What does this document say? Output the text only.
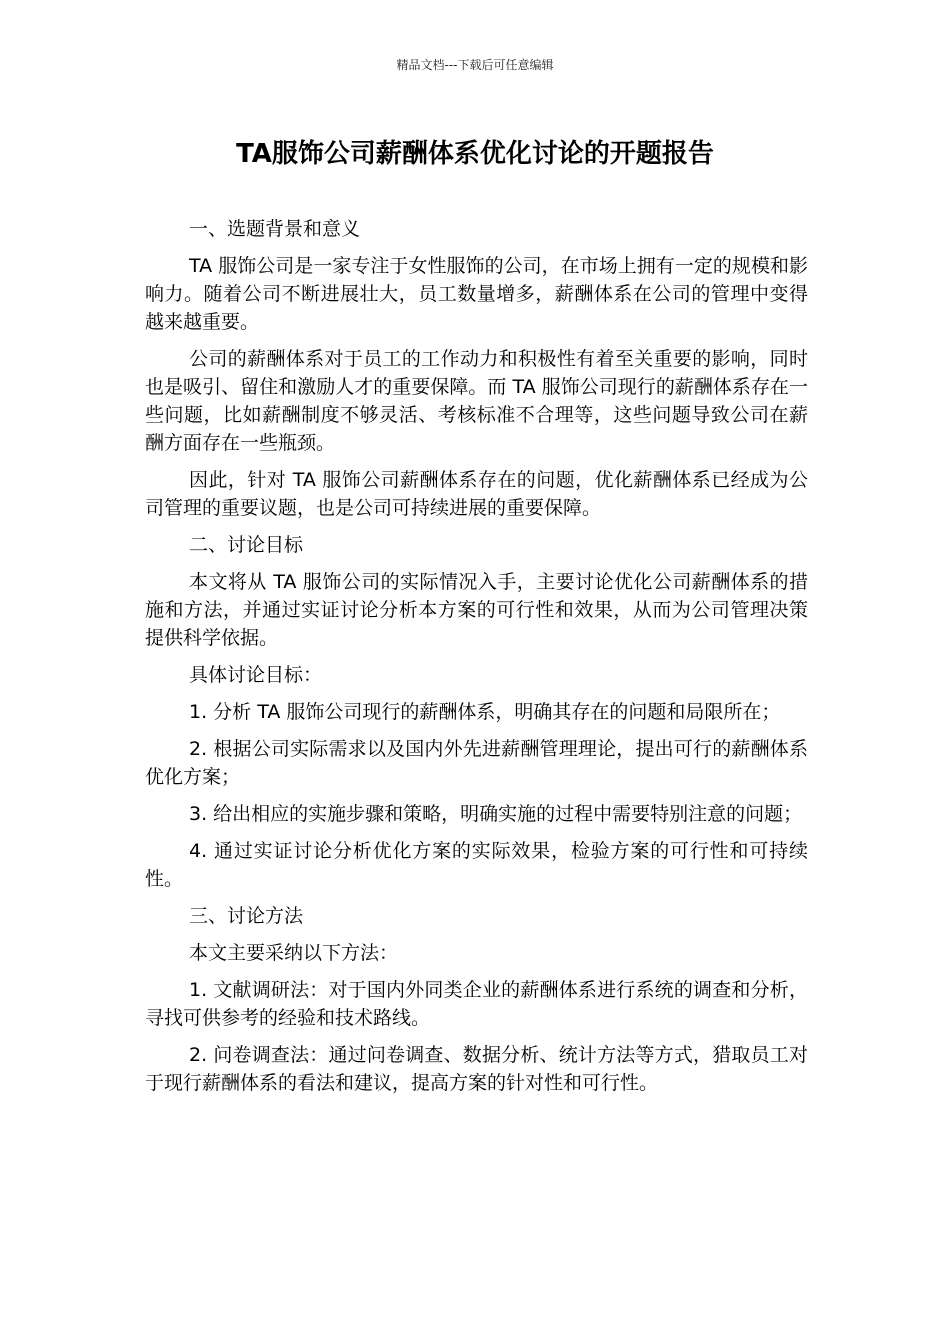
精品文档---下载后可任意编辑
TA服饰公司薪酬体系优化讨论的开题报告

一、选题背景和意义

TA 服饰公司是一家专注于女性服饰的公司，在市场上拥有一定的规模和影响力。随着公司不断进展壮大，员工数量增多，薪酬体系在公司的管理中变得越来越重要。

公司的薪酬体系对于员工的工作动力和积极性有着至关重要的影响，同时也是吸引、留住和激励人才的重要保障。而 TA 服饰公司现行的薪酬体系存在一些问题，比如薪酬制度不够灵活、考核标准不合理等，这些问题导致公司在薪酬方面存在一些瓶颈。

因此，针对 TA 服饰公司薪酬体系存在的问题，优化薪酬体系已经成为公司管理的重要议题，也是公司可持续进展的重要保障。

二、讨论目标

本文将从 TA 服饰公司的实际情况入手，主要讨论优化公司薪酬体系的措施和方法，并通过实证讨论分析本方案的可行性和效果，从而为公司管理决策提供科学依据。

具体讨论目标：

1. 分析 TA 服饰公司现行的薪酬体系，明确其存在的问题和局限所在；

2. 根据公司实际需求以及国内外先进薪酬管理理论，提出可行的薪酬体系优化方案；

3. 给出相应的实施步骤和策略，明确实施的过程中需要特别注意的问题；

4. 通过实证讨论分析优化方案的实际效果，检验方案的可行性和可持续性。

三、讨论方法

本文主要采纳以下方法：

1. 文献调研法：对于国内外同类企业的薪酬体系进行系统的调查和分析，寻找可供参考的经验和技术路线。

2. 问卷调查法：通过问卷调查、数据分析、统计方法等方式，猎取员工对于现行薪酬体系的看法和建议，提高方案的针对性和可行性。
